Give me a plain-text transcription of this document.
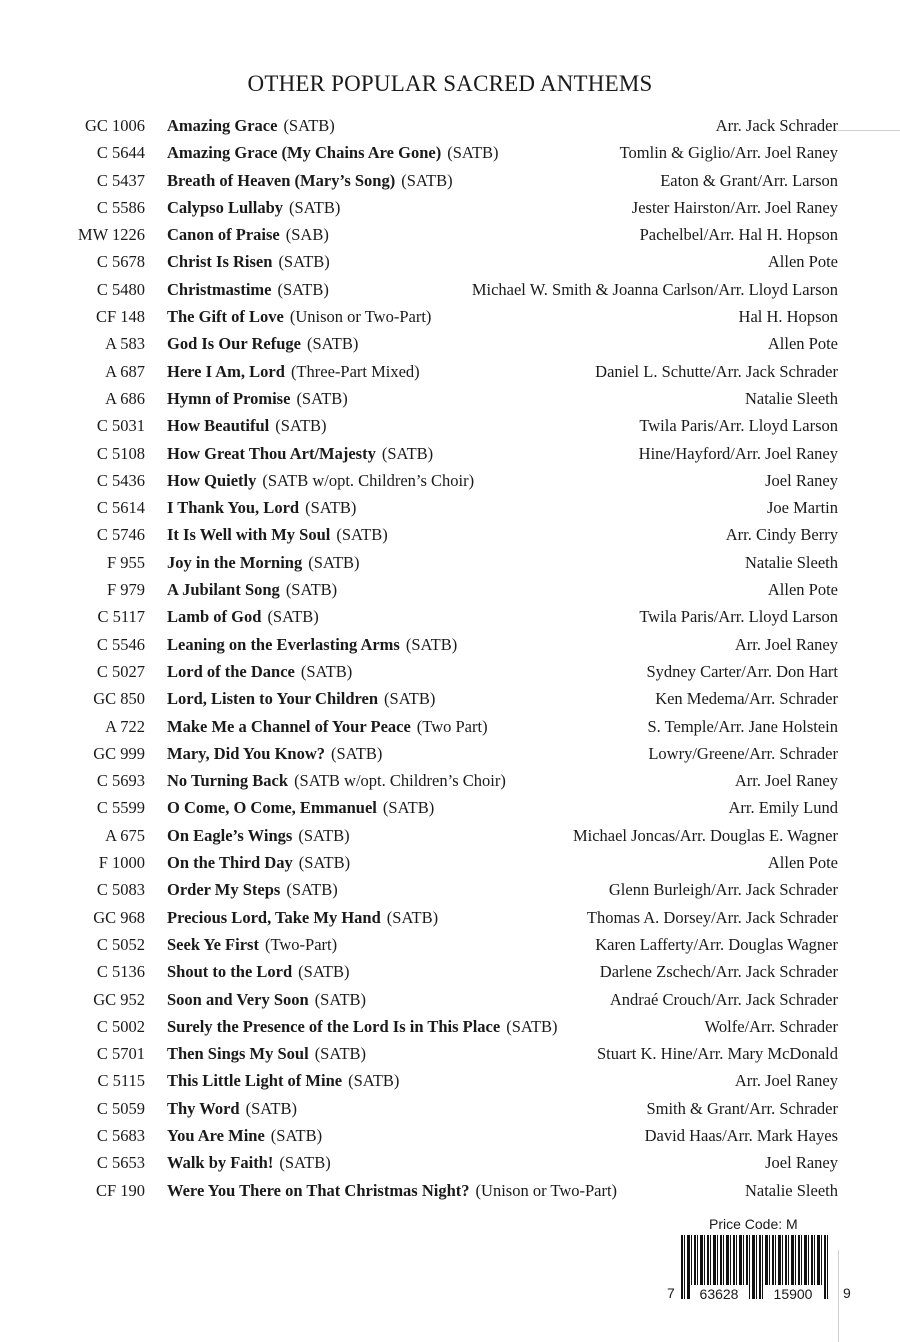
OTHER POPULAR SACRED ANTHEMS
GC 1006 Amazing Grace (SATB)	Arr. Jack Schrader
C 5644 Amazing Grace (My Chains Are Gone) (SATB)	Tomlin & Giglio/Arr. Joel Raney
C 5437 Breath of Heaven (Mary’s Song) (SATB)	Eaton & Grant/Arr. Larson
C 5586 Calypso Lullaby (SATB)	Jester Hairston/Arr. Joel Raney
MW 1226 Canon of Praise (SAB)	Pachelbel/Arr. Hal H. Hopson
C 5678 Christ Is Risen (SATB)	Allen Pote
C 5480 Christmastime (SATB)	Michael W. Smith & Joanna Carlson/Arr. Lloyd Larson
CF 148 The Gift of Love (Unison or Two-Part)	Hal H. Hopson
A 583 God Is Our Refuge (SATB)	Allen Pote
A 687 Here I Am, Lord (Three-Part Mixed)	Daniel L. Schutte/Arr. Jack Schrader
A 686 Hymn of Promise (SATB)	Natalie Sleeth
C 5031 How Beautiful (SATB)	Twila Paris/Arr. Lloyd Larson
C 5108 How Great Thou Art/Majesty (SATB)	Hine/Hayford/Arr. Joel Raney
C 5436 How Quietly (SATB w/opt. Children’s Choir)	Joel Raney
C 5614 I Thank You, Lord (SATB)	Joe Martin
C 5746 It Is Well with My Soul (SATB)	Arr. Cindy Berry
F 955 Joy in the Morning (SATB)	Natalie Sleeth
F 979 A Jubilant Song (SATB)	Allen Pote
C 5117 Lamb of God (SATB)	Twila Paris/Arr. Lloyd Larson
C 5546 Leaning on the Everlasting Arms (SATB)	Arr. Joel Raney
C 5027 Lord of the Dance (SATB)	Sydney Carter/Arr. Don Hart
GC 850 Lord, Listen to Your Children (SATB)	Ken Medema/Arr. Schrader
A 722 Make Me a Channel of Your Peace (Two Part)	S. Temple/Arr. Jane Holstein
GC 999 Mary, Did You Know? (SATB)	Lowry/Greene/Arr. Schrader
C 5693 No Turning Back (SATB w/opt. Children’s Choir)	Arr. Joel Raney
C 5599 O Come, O Come, Emmanuel (SATB)	Arr. Emily Lund
A 675 On Eagle’s Wings (SATB)	Michael Joncas/Arr. Douglas E. Wagner
F 1000 On the Third Day (SATB)	Allen Pote
C 5083 Order My Steps (SATB)	Glenn Burleigh/Arr. Jack Schrader
GC 968 Precious Lord, Take My Hand (SATB)	Thomas A. Dorsey/Arr. Jack Schrader
C 5052 Seek Ye First (Two-Part)	Karen Lafferty/Arr. Douglas Wagner
C 5136 Shout to the Lord (SATB)	Darlene Zschech/Arr. Jack Schrader
GC 952 Soon and Very Soon (SATB)	Andraé Crouch/Arr. Jack Schrader
C 5002 Surely the Presence of the Lord Is in This Place (SATB)	Wolfe/Arr. Schrader
C 5701 Then Sings My Soul (SATB)	Stuart K. Hine/Arr. Mary McDonald
C 5115 This Little Light of Mine (SATB)	Arr. Joel Raney
C 5059 Thy Word (SATB)	Smith & Grant/Arr. Schrader
C 5683 You Are Mine (SATB)	David Haas/Arr. Mark Hayes
C 5653 Walk by Faith! (SATB)	Joel Raney
CF 190 Were You There on That Christmas Night? (Unison or Two-Part)	Natalie Sleeth
Price Code: M
7	63628	15900	9
